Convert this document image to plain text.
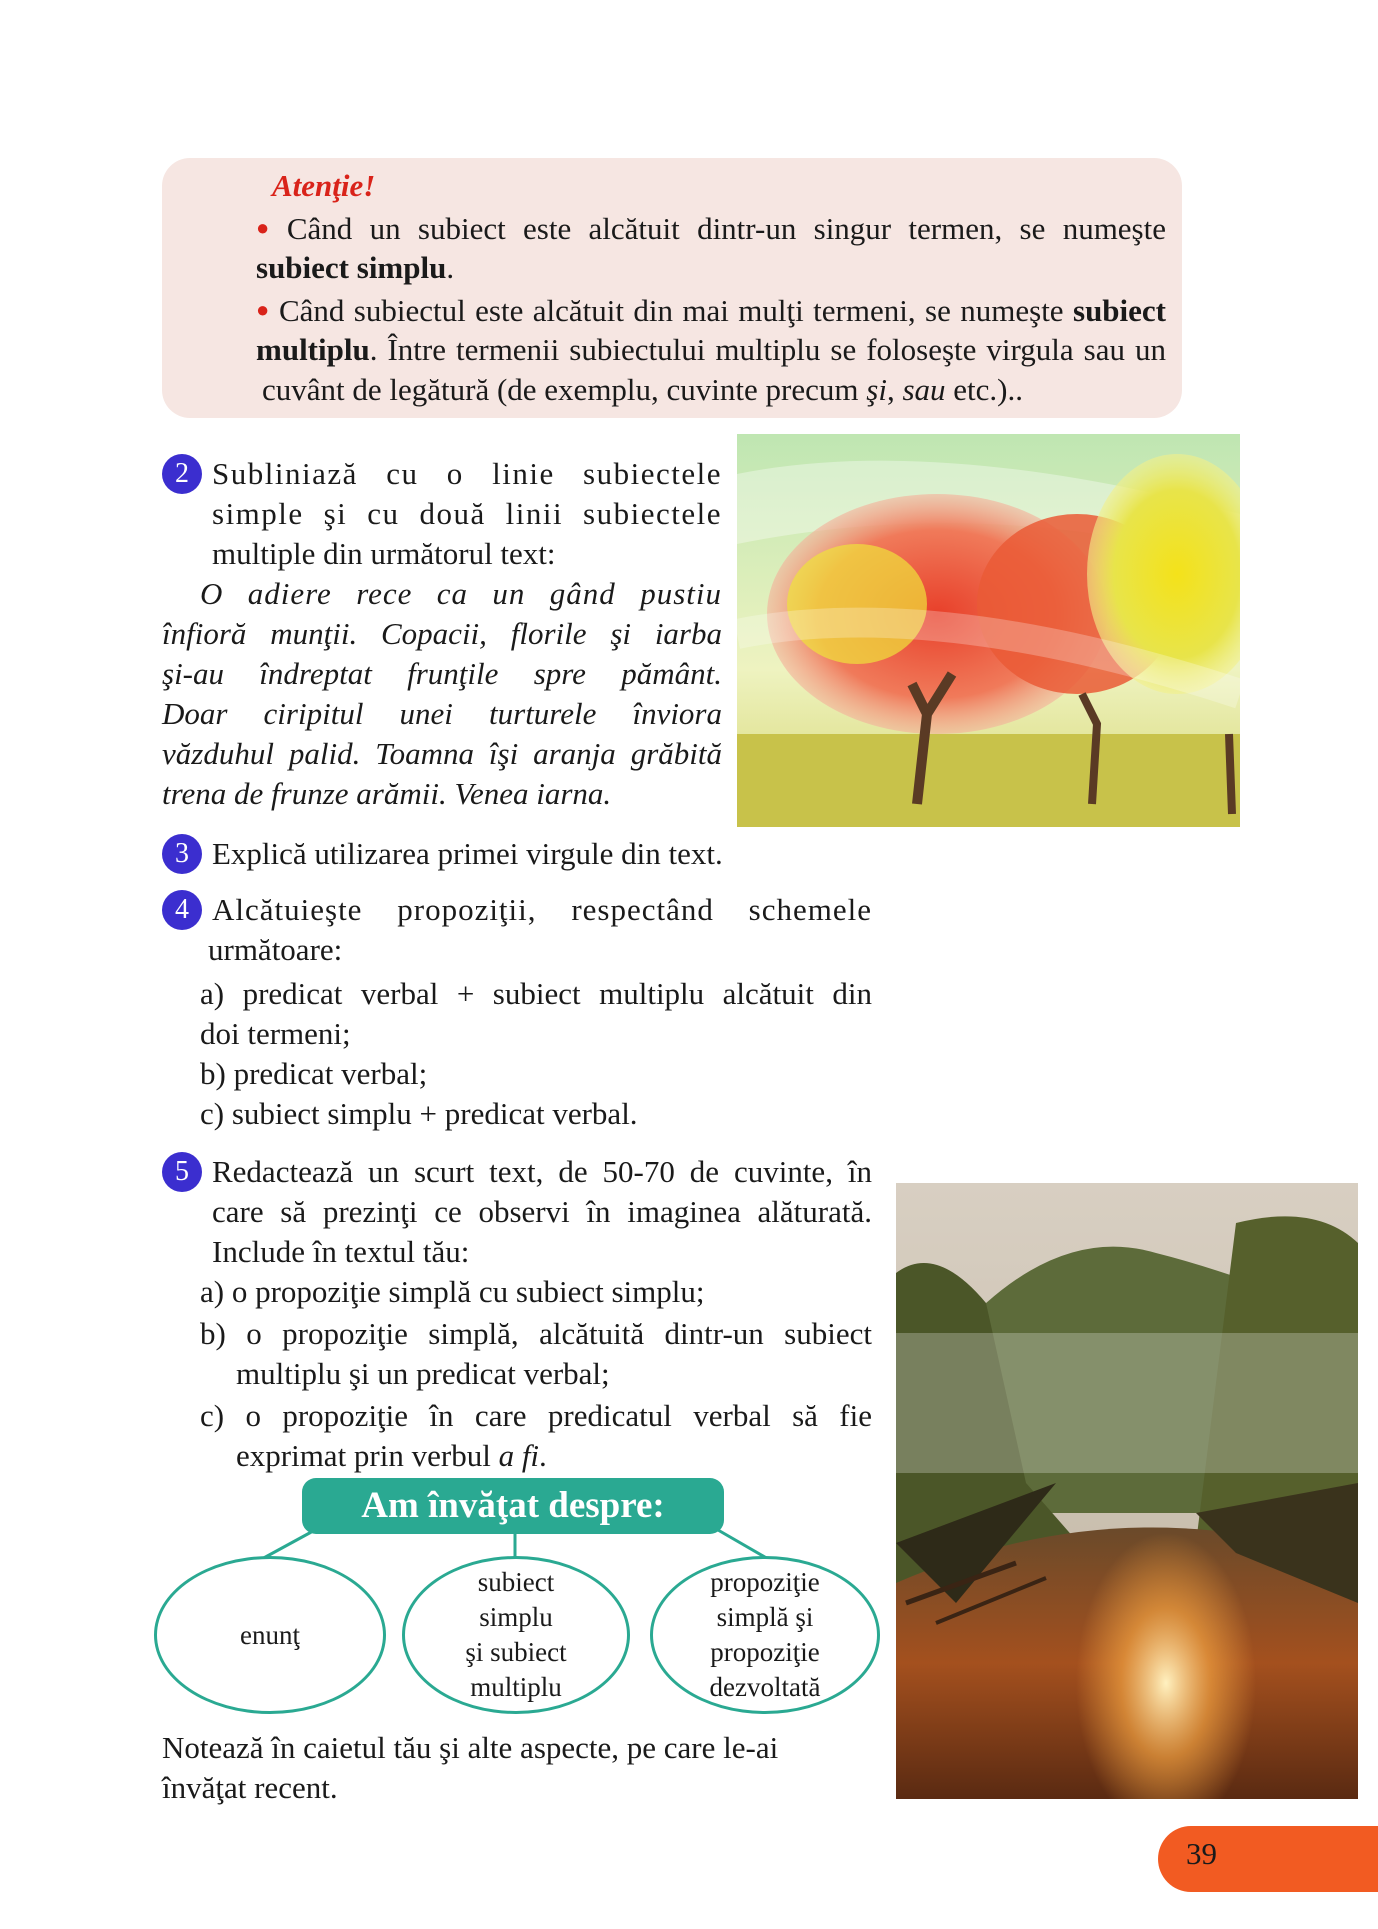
Atenţie!
● Când un subiect este alcătuit dintr-un singur termen, se numeşte
subiect simplu.
● Când subiectul este alcătuit din mai mulţi termeni, se numeşte subiect
multiplu. Între termenii subiectului multiplu se foloseşte virgula sau un
cuvânt de legătură (de exemplu, cuvinte precum şi, sau etc.)..
2 Subliniază cu o linie subiectele
simple şi cu două linii subiectele
multiple din următorul text:
O adiere rece ca un gând pustiu
înfioră munţii. Copacii, florile şi iarba
şi-au îndreptat frunţile spre pământ.
Doar ciripitul unei turturele înviora
văzduhul palid. Toamna îşi aranja grăbită
trena de frunze arămii. Venea iarna.
3 Explică utilizarea primei virgule din text.
4 Alcătuieşte propoziţii, respectând schemele
următoare:
a) predicat verbal + subiect multiplu alcătuit din
doi termeni;
b) predicat verbal;
c) subiect simplu + predicat verbal.
5 Redactează un scurt text, de 50-70 de cuvinte, în
care să prezinţi ce observi în imaginea alăturată.
Include în textul tău:
a) o propoziţie simplă cu subiect simplu;
b) o propoziţie simplă, alcătuită dintr-un subiect
multiplu şi un predicat verbal;
c) o propoziţie în care predicatul verbal să fie
exprimat prin verbul a fi.
Am învăţat despre:
enunţ
subiect
simplu
şi subiect
multiplu
propoziţie
simplă şi
propoziţie
dezvoltată
Notează în caietul tău şi alte aspecte, pe care le-ai
învăţat recent.
39
